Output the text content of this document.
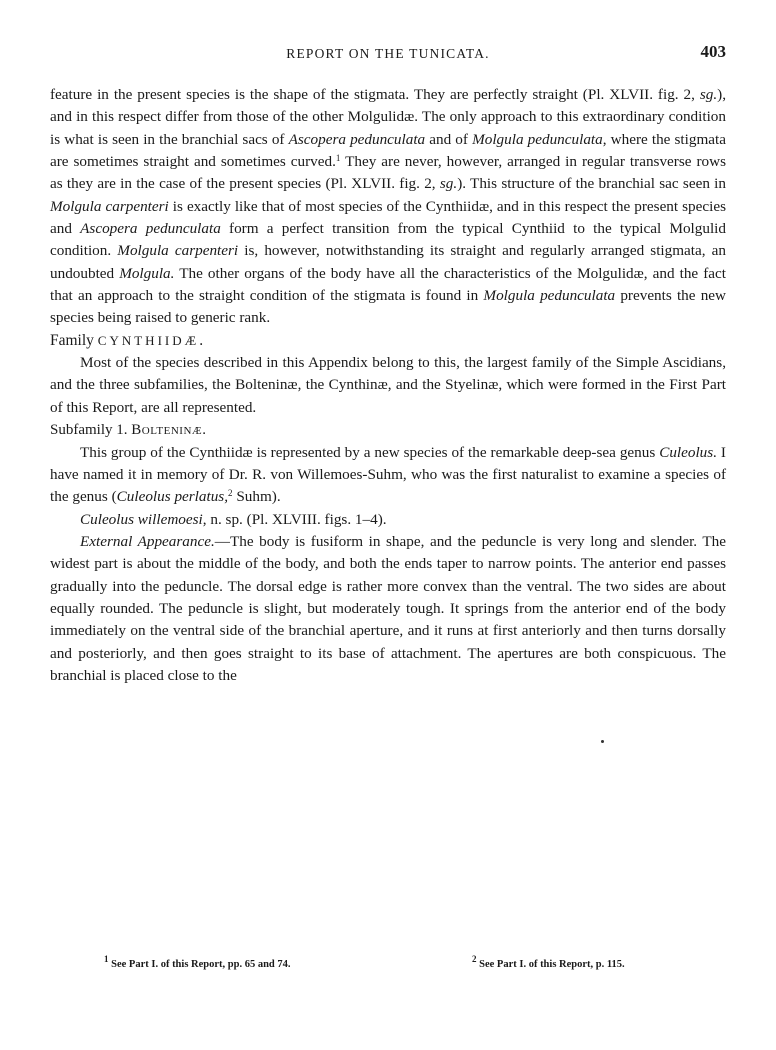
REPORT ON THE TUNICATA.	403

feature in the present species is the shape of the stigmata. They are perfectly straight (Pl. XLVII. fig. 2, sg.), and in this respect differ from those of the other Molgulidæ. The only approach to this extraordinary condition is what is seen in the branchial sacs of Ascopera pedunculata and of Molgula pedunculata, where the stigmata are sometimes straight and sometimes curved.$^1$ They are never, however, arranged in regular transverse rows as they are in the case of the present species (Pl. XLVII. fig. 2, sg.). This structure of the branchial sac seen in Molgula carpenteri is exactly like that of most species of the Cynthiidæ, and in this respect the present species and Ascopera pedunculata form a perfect transition from the typical Cynthiid to the typical Molgulid condition. Molgula carpenteri is, however, notwithstanding its straight and regularly arranged stigmata, an undoubted Molgula. The other organs of the body have all the characteristics of the Molgulidæ, and the fact that an approach to the straight condition of the stigmata is found in Molgula pedunculata prevents the new species being raised to generic rank.

Family CYNTHIIDÆ.

Most of the species described in this Appendix belong to this, the largest family of the Simple Ascidians, and the three subfamilies, the Bolteninæ, the Cynthinæ, and the Styelinæ, which were formed in the First Part of this Report, are all represented.

Subfamily 1. Bolteninæ.

This group of the Cynthiidæ is represented by a new species of the remarkable deep-sea genus Culeolus. I have named it in memory of Dr. R. von Willemoes-Suhm, who was the first naturalist to examine a species of the genus (Culeolus perlatus,$^2$ Suhm).

Culeolus willemoesi, n. sp. (Pl. XLVIII. figs. 1–4).

External Appearance.—The body is fusiform in shape, and the peduncle is very long and slender. The widest part is about the middle of the body, and both the ends taper to narrow points. The anterior end passes gradually into the peduncle. The dorsal edge is rather more convex than the ventral. The two sides are about equally rounded. The peduncle is slight, but moderately tough. It springs from the anterior end of the body immediately on the ventral side of the branchial aperture, and it runs at first anteriorly and then turns dorsally and posteriorly, and then goes straight to its base of attachment. The apertures are both conspicuous. The branchial is placed close to the

$^1$ See Part I. of this Report, pp. 65 and 74.	$^2$ See Part I. of this Report, p. 115.
